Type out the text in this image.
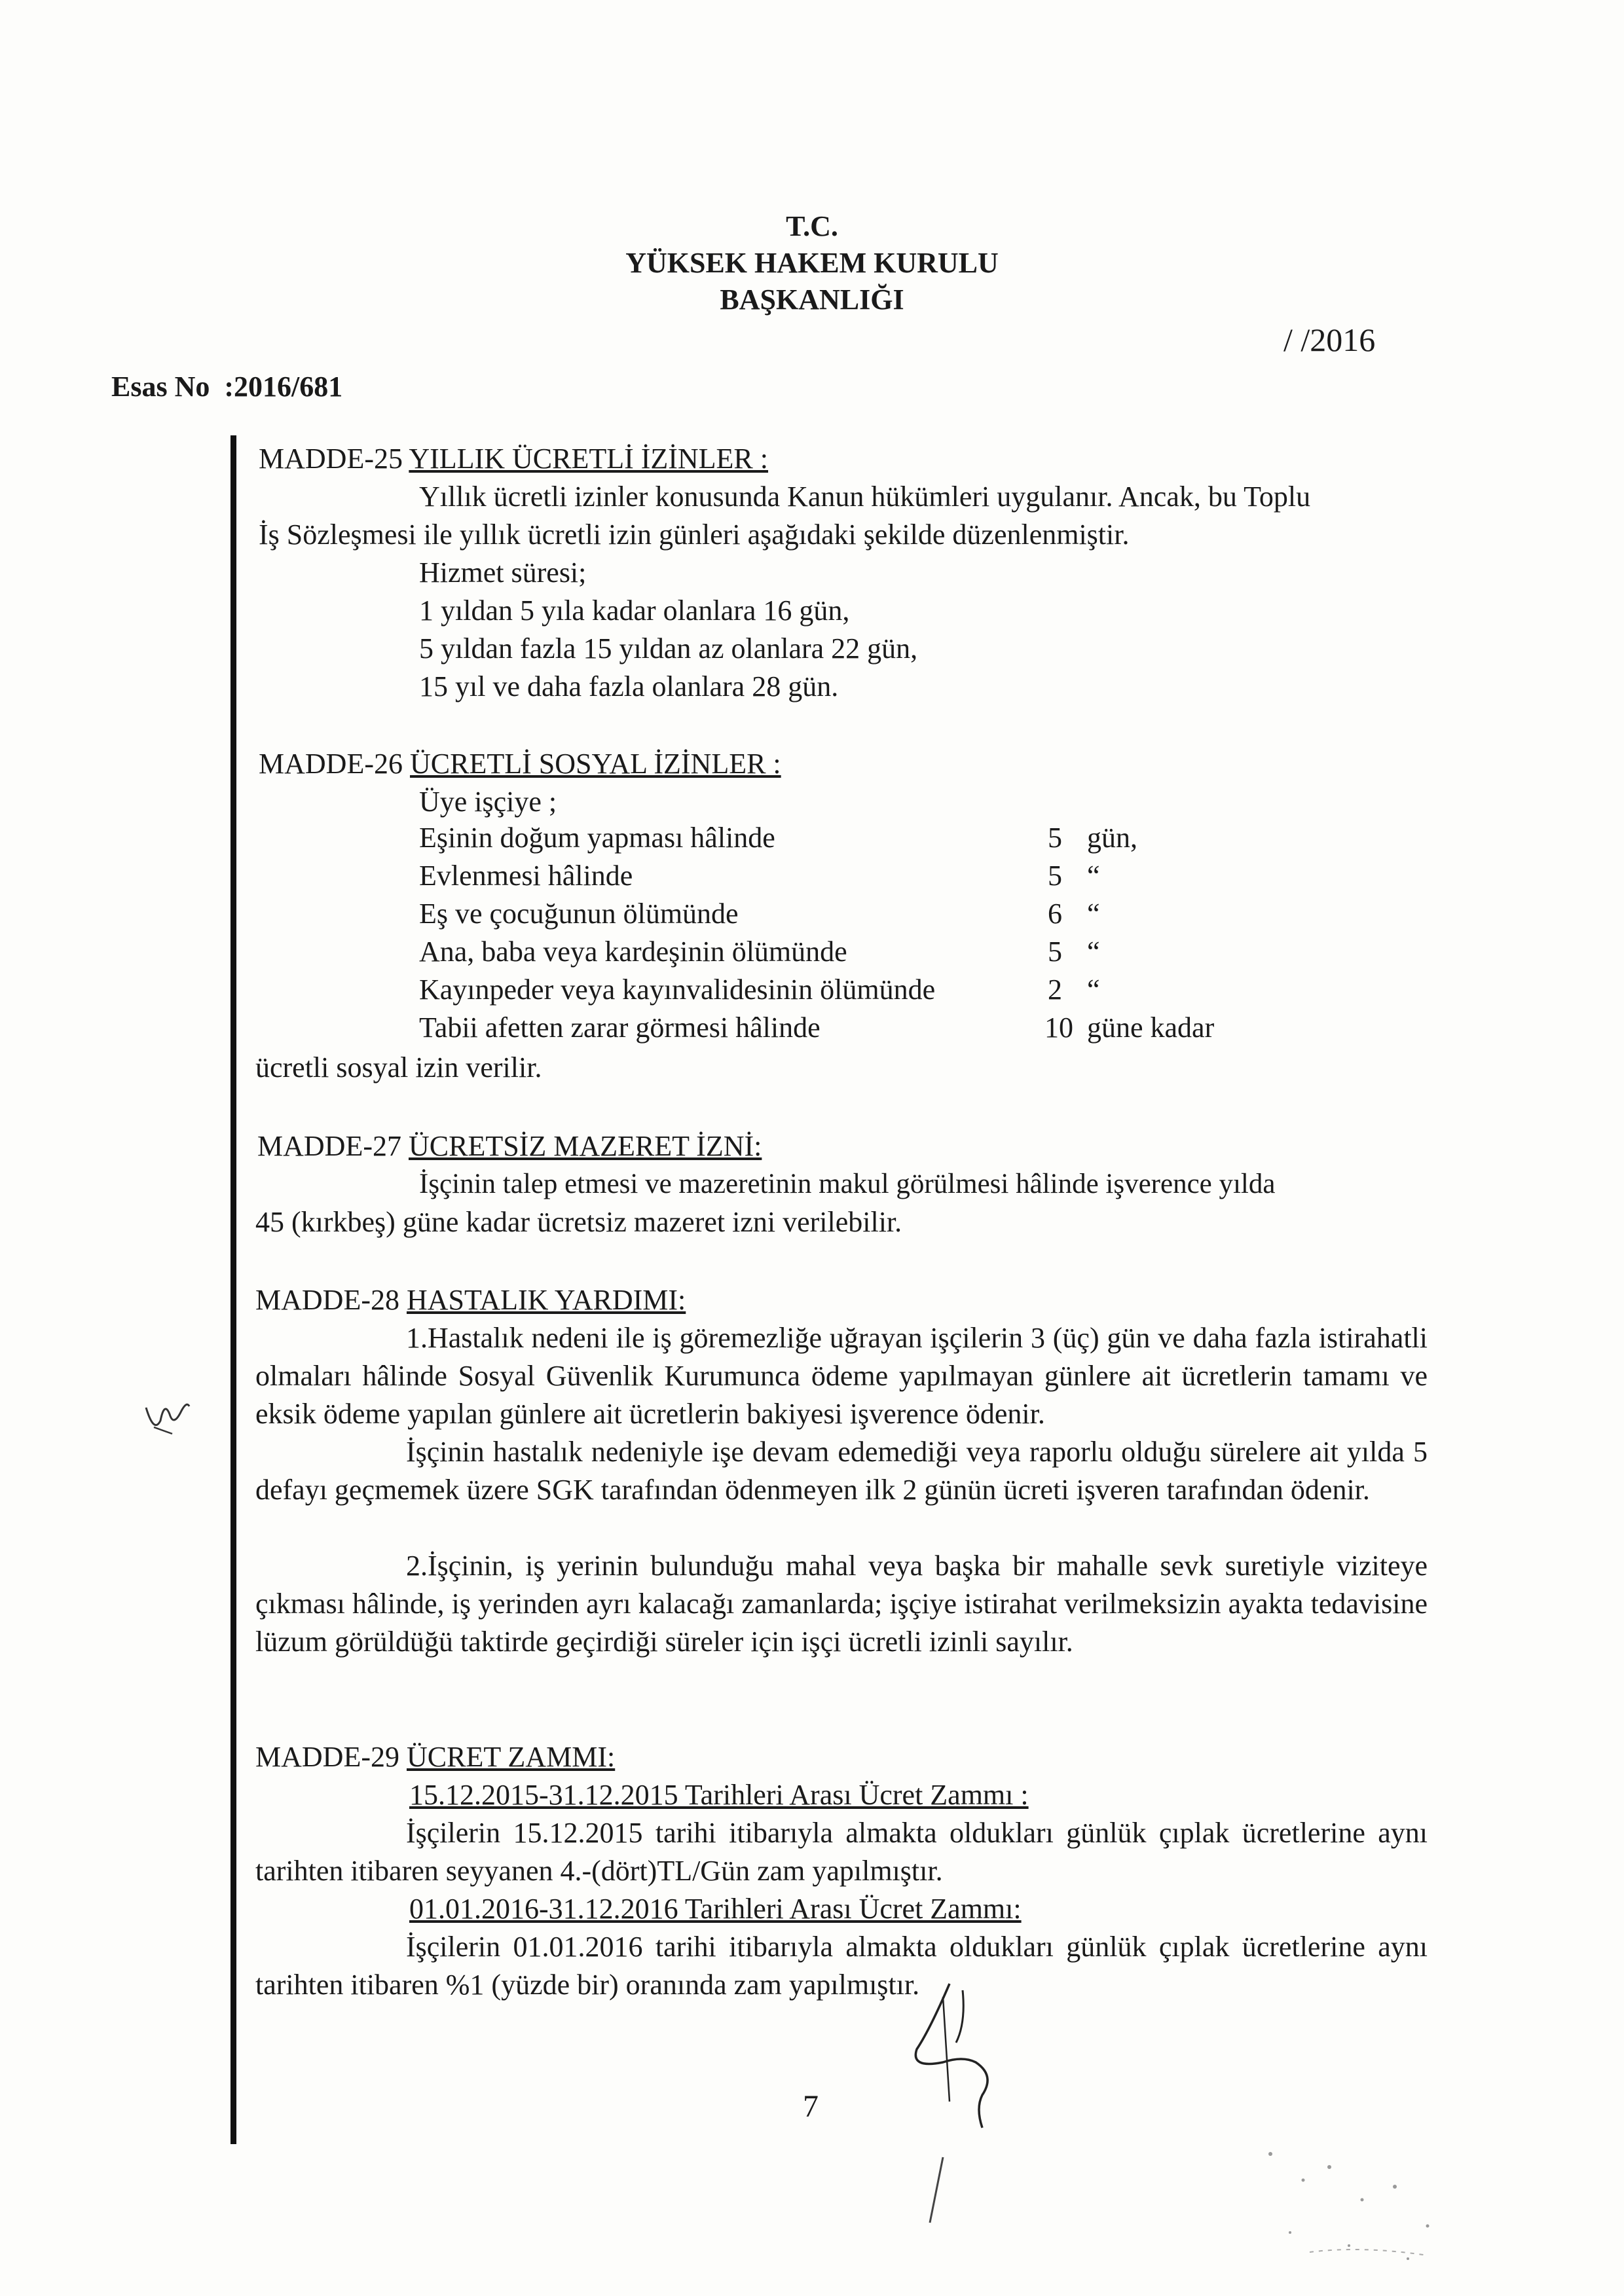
T.C.
YÜKSEK HAKEM KURULU
BAŞKANLIĞI
/ /2016
Esas No :2016/681
MADDE-25 YILLIK ÜCRETLİ İZİNLER :
Yıllık ücretli izinler konusunda Kanun hükümleri uygulanır. Ancak, bu Toplu
İş Sözleşmesi ile yıllık ücretli izin günleri aşağıdaki şekilde düzenlenmiştir.
Hizmet süresi;
1 yıldan 5 yıla kadar olanlara 16 gün,
5 yıldan fazla 15 yıldan az olanlara 22 gün,
15 yıl ve daha fazla olanlara 28 gün.
MADDE-26 ÜCRETLİ SOSYAL İZİNLER :
Üye işçiye ;
Eşinin doğum yapması hâlinde	5 gün,
Evlenmesi hâlinde	5 “
Eş ve çocuğunun ölümünde	6 “
Ana, baba veya kardeşinin ölümünde	5 “
Kayınpeder veya kayınvalidesinin ölümünde	2 “
Tabii afetten zarar görmesi hâlinde	10 güne kadar
ücretli sosyal izin verilir.
MADDE-27 ÜCRETSİZ MAZERET İZNİ:
İşçinin talep etmesi ve mazeretinin makul görülmesi hâlinde işverence yılda
45 (kırkbeş) güne kadar ücretsiz mazeret izni verilebilir.
MADDE-28 HASTALIK YARDIMI:
1.Hastalık nedeni ile iş göremezliğe uğrayan işçilerin 3 (üç) gün ve daha fazla istirahatli olmaları hâlinde Sosyal Güvenlik Kurumunca ödeme yapılmayan günlere ait ücretlerin tamamı ve eksik ödeme yapılan günlere ait ücretlerin bakiyesi işverence ödenir.
İşçinin hastalık nedeniyle işe devam edemediği veya raporlu olduğu sürelere ait yılda 5 defayı geçmemek üzere SGK tarafından ödenmeyen ilk 2 günün ücreti işveren tarafından ödenir.
2.İşçinin, iş yerinin bulunduğu mahal veya başka bir mahalle sevk suretiyle viziteye çıkması hâlinde, iş yerinden ayrı kalacağı zamanlarda; işçiye istirahat verilmeksizin ayakta tedavisine lüzum görüldüğü taktirde geçirdiği süreler için işçi ücretli izinli sayılır.
MADDE-29 ÜCRET ZAMMI:
15.12.2015-31.12.2015 Tarihleri Arası Ücret Zammı :
İşçilerin 15.12.2015 tarihi itibarıyla almakta oldukları günlük çıplak ücretlerine aynı tarihten itibaren seyyanen 4.-(dört)TL/Gün zam yapılmıştır.
01.01.2016-31.12.2016 Tarihleri Arası Ücret Zammı:
İşçilerin 01.01.2016 tarihi itibarıyla almakta oldukları günlük çıplak ücretlerine aynı tarihten itibaren %1 (yüzde bir) oranında zam yapılmıştır.
7
